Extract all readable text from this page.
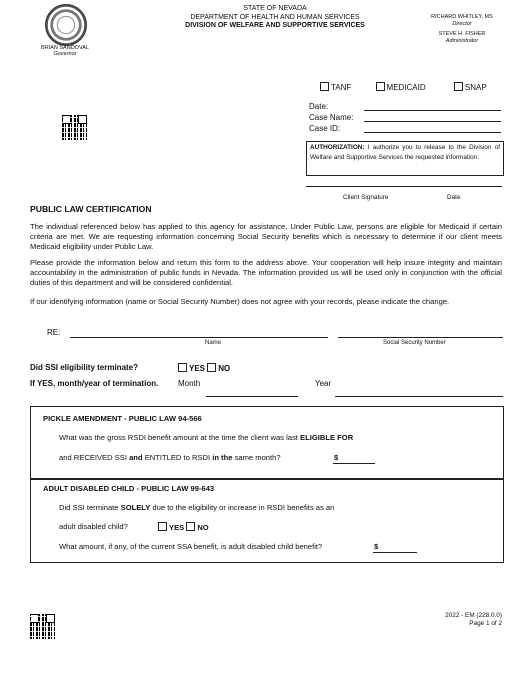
BRIAN SANDOVAL
Governor
STATE OF NEVADA
DEPARTMENT OF HEALTH AND HUMAN SERVICES
DIVISION OF WELFARE AND SUPPORTIVE SERVICES
RICHARD WHITLEY, MS
Director
STEVE H. FISHER
Administrator
TANF	MEDICAID	SNAP
Date:
Case Name:
Case ID:
AUTHORIZATION: I authorize you to release to the Division of Welfare and Supportive Services the requested information.
Client Signature	Date
PUBLIC LAW CERTIFICATION
The individual referenced below has applied to this agency for assistance. Under Public Law, persons are eligible for Medicaid if certain criteria are met. We are requesting information concerning Social Security benefits which is necessary to determine if our client meets Medicaid eligibility under Public Law.
Please provide the information below and return this form to the address above. Your cooperation will help insure integrity and maintain accountability in the administration of public funds in Nevada. The information provided us will be used only in conjunction with the official duties of this department and will be considered confidential.
If our identifying information (name or Social Security Number) does not agree with your records, please indicate the change.
RE:
Name	Social Security Number
Did SSI eligibility terminate?	YES NO
If YES, month/year of termination. Month	Year
PICKLE AMENDMENT - PUBLIC LAW 94-566
What was the gross RSDI benefit amount at the time the client was last ELIGIBLE FOR
and RECEIVED SSI and ENTITLED to RSDI in the same month?	$
ADULT DISABLED CHILD - PUBLIC LAW 99-643
Did SSI terminate SOLELY due to the eligibility or increase in RSDI benefits as an
adult disabled child?	YES NO
What amount, if any, of the current SSA benefit, is adult disabled child benefit?	$
2022 - EM (228.0.0)
Page 1 of 2
